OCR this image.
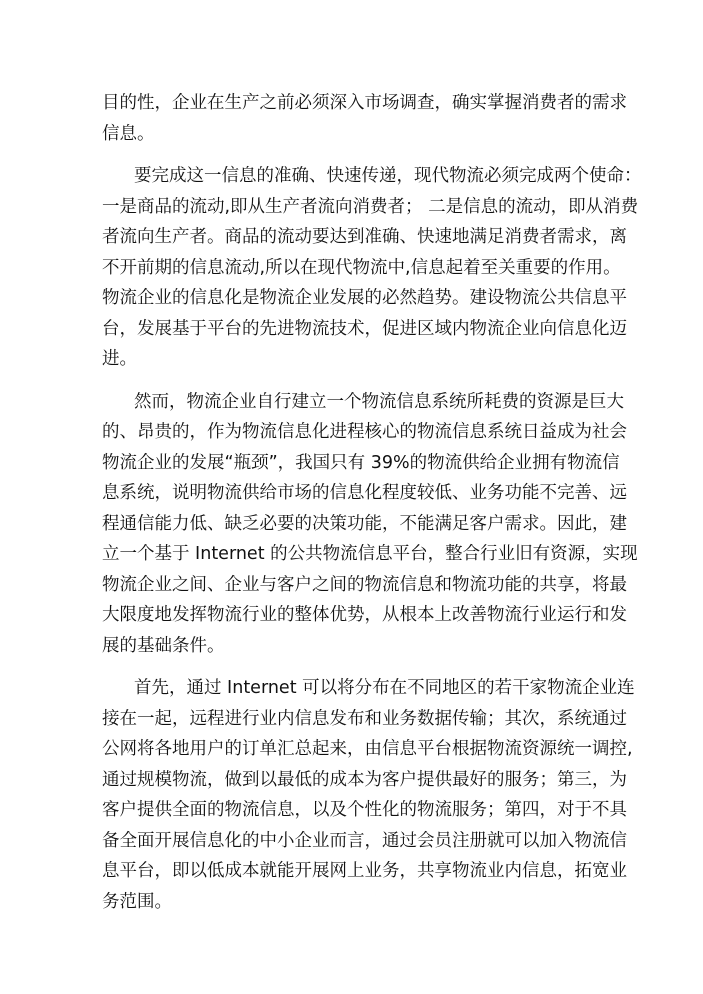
目的性，企业在生产之前必须深入市场调查，确实掌握消费者的需求
信息。

要完成这一信息的准确、快速传递，现代物流必须完成两个使命：
一是商品的流动,即从生产者流向消费者； 二是信息的流动，即从消费
者流向生产者。商品的流动要达到准确、快速地满足消费者需求，离
不开前期的信息流动,所以在现代物流中,信息起着至关重要的作用。
物流企业的信息化是物流企业发展的必然趋势。建设物流公共信息平
台，发展基于平台的先进物流技术，促进区域内物流企业向信息化迈
进。

然而，物流企业自行建立一个物流信息系统所耗费的资源是巨大
的、昂贵的，作为物流信息化进程核心的物流信息系统日益成为社会
物流企业的发展“瓶颈”，我国只有 39%的物流供给企业拥有物流信
息系统，说明物流供给市场的信息化程度较低、业务功能不完善、远
程通信能力低、缺乏必要的决策功能，不能满足客户需求。因此，建
立一个基于 Internet 的公共物流信息平台，整合行业旧有资源，实现
物流企业之间、企业与客户之间的物流信息和物流功能的共享，将最
大限度地发挥物流行业的整体优势，从根本上改善物流行业运行和发
展的基础条件。

首先，通过 Internet 可以将分布在不同地区的若干家物流企业连
接在一起，远程进行业内信息发布和业务数据传输；其次，系统通过
公网将各地用户的订单汇总起来，由信息平台根据物流资源统一调控,
通过规模物流，做到以最低的成本为客户提供最好的服务；第三，为
客户提供全面的物流信息，以及个性化的物流服务；第四，对于不具
备全面开展信息化的中小企业而言，通过会员注册就可以加入物流信
息平台，即以低成本就能开展网上业务，共享物流业内信息，拓宽业
务范围。
